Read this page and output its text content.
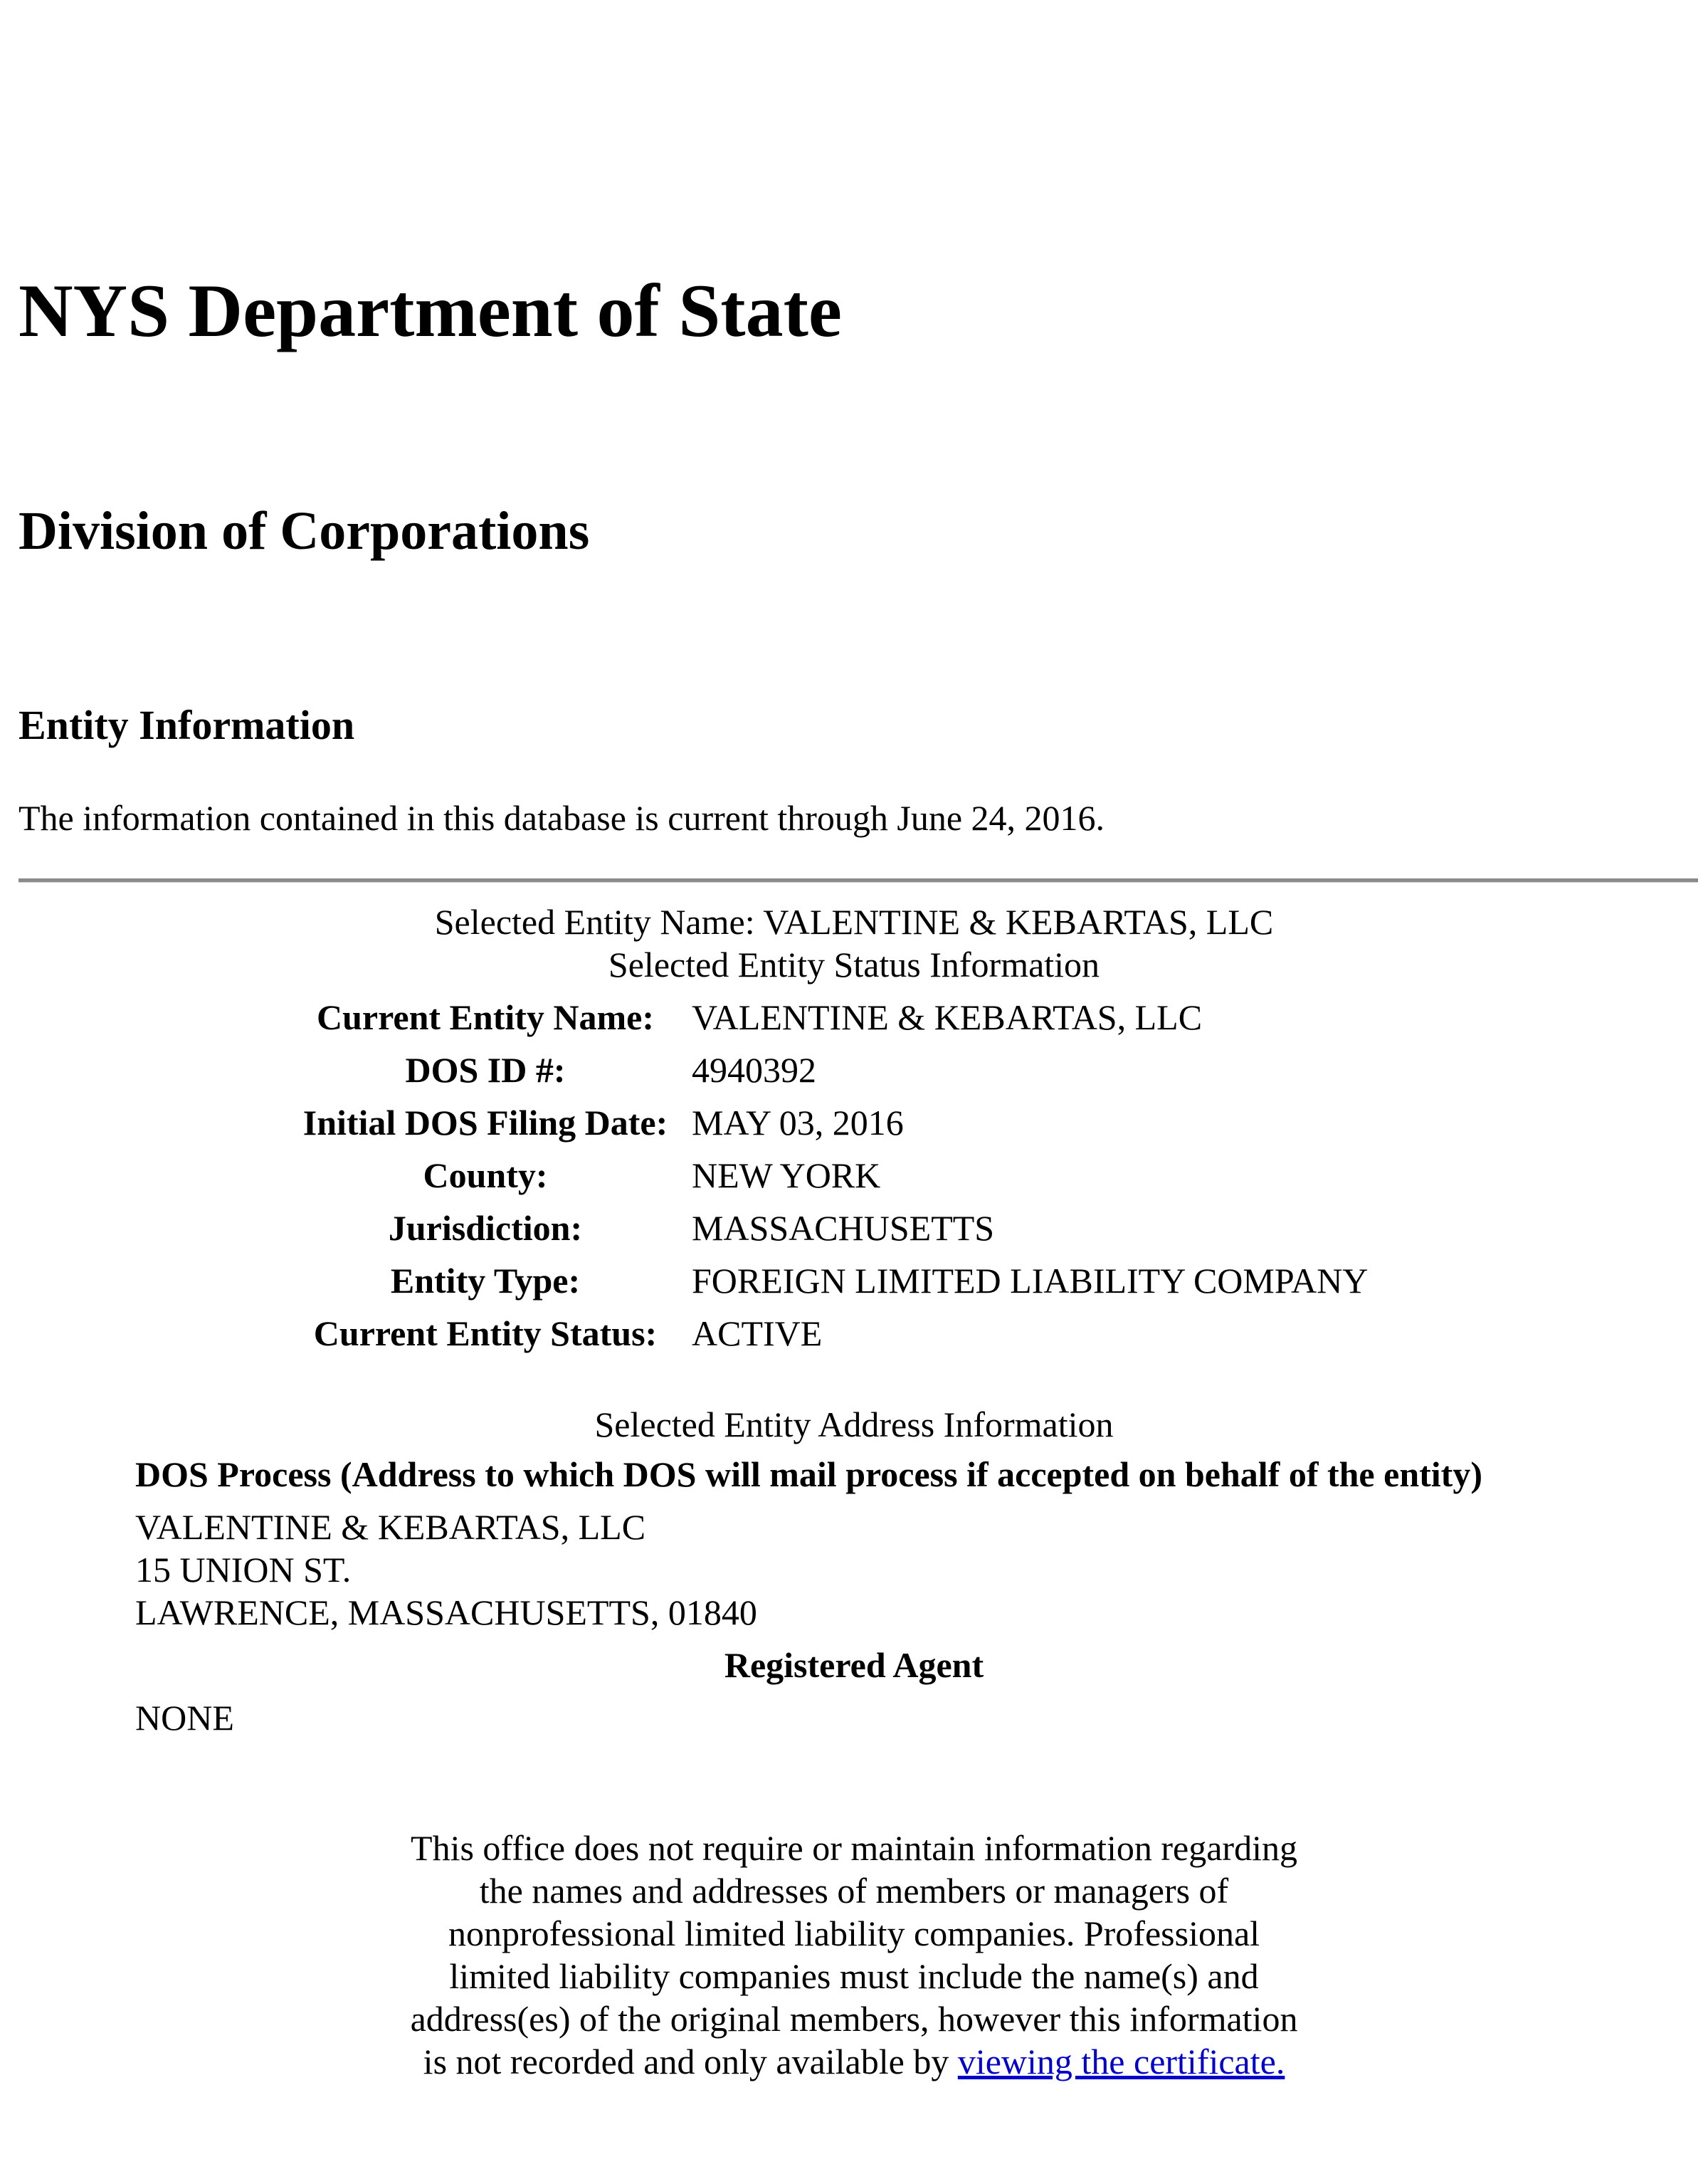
NYS Department of State
Division of Corporations
Entity Information
The information contained in this database is current through June 24, 2016.
Selected Entity Name: VALENTINE & KEBARTAS, LLC
Selected Entity Status Information
Current Entity Name:	VALENTINE & KEBARTAS, LLC
DOS ID #:	4940392
Initial DOS Filing Date: MAY 03, 2016
County:	NEW YORK
Jurisdiction:	MASSACHUSETTS
Entity Type:	FOREIGN LIMITED LIABILITY COMPANY
Current Entity Status: ACTIVE
Selected Entity Address Information
DOS Process (Address to which DOS will mail process if accepted on behalf of the entity)
VALENTINE & KEBARTAS, LLC
15 UNION ST.
LAWRENCE, MASSACHUSETTS, 01840
Registered Agent
NONE
This office does not require or maintain information regarding the names and addresses of members or managers of nonprofessional limited liability companies. Professional limited liability companies must include the name(s) and address(es) of the original members, however this information is not recorded and only available by viewing the certificate.
